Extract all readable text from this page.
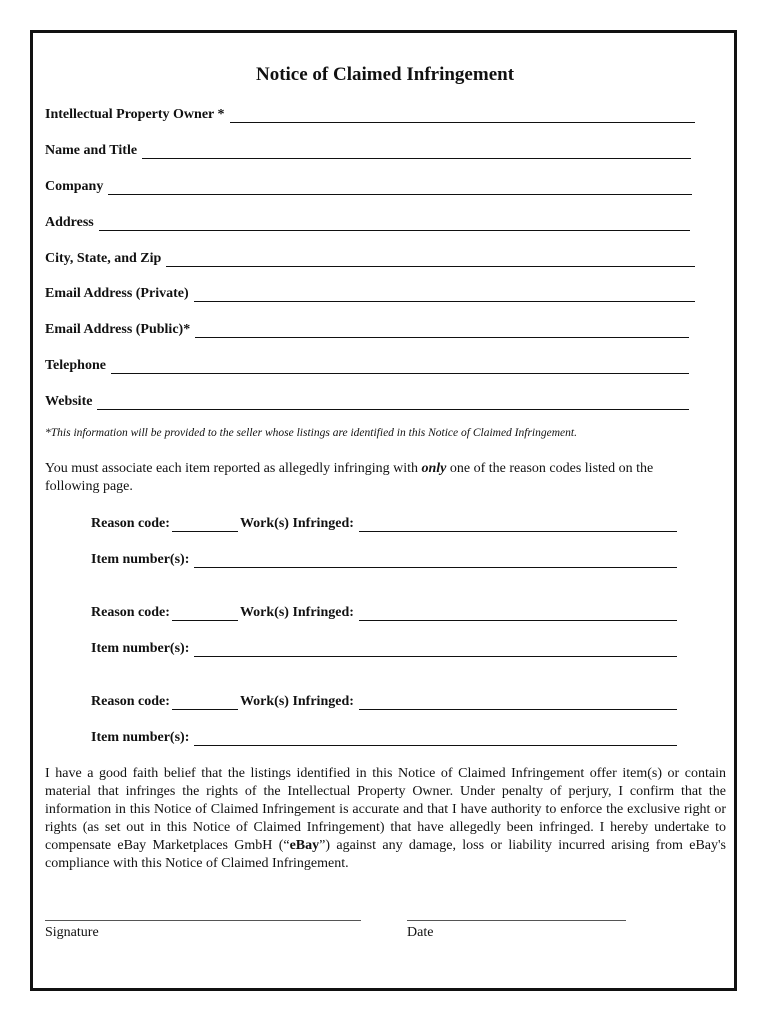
Notice of Claimed Infringement
Intellectual Property Owner *
Name and Title
Company
Address
City, State, and Zip
Email Address (Private)
Email Address (Public)*
Telephone
Website
*This information will be provided to the seller whose listings are identified in this Notice of Claimed Infringement.
You must associate each item reported as allegedly infringing with only one of the reason codes listed on the following page.
Reason code:	Work(s) Infringed:
Item number(s):
Reason code:	Work(s) Infringed:
Item number(s):
Reason code:	Work(s) Infringed:
Item number(s):
I have a good faith belief that the listings identified in this Notice of Claimed Infringement offer item(s) or contain material that infringes the rights of the Intellectual Property Owner. Under penalty of perjury, I confirm that the information in this Notice of Claimed Infringement is accurate and that I have authority to enforce the exclusive right or rights (as set out in this Notice of Claimed Infringement) that have allegedly been infringed. I hereby undertake to compensate eBay Marketplaces GmbH (“eBay”) against any damage, loss or liability incurred arising from eBay's compliance with this Notice of Claimed Infringement.
Signature	Date
